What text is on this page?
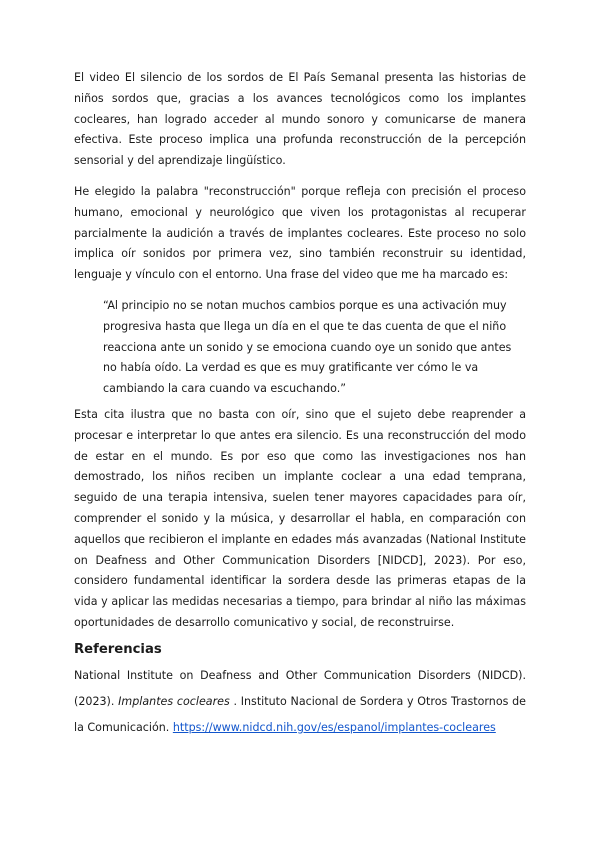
El video El silencio de los sordos de El País Semanal presenta las historias de niños sordos que, gracias a los avances tecnológicos como los implantes cocleares, han logrado acceder al mundo sonoro y comunicarse de manera efectiva. Este proceso implica una profunda reconstrucción de la percepción sensorial y del aprendizaje lingüístico.

He elegido la palabra "reconstrucción" porque refleja con precisión el proceso humano, emocional y neurológico que viven los protagonistas al recuperar parcialmente la audición a través de implantes cocleares. Este proceso no solo implica oír sonidos por primera vez, sino también reconstruir su identidad, lenguaje y vínculo con el entorno. Una frase del video que me ha marcado es:

“Al principio no se notan muchos cambios porque es una activación muy progresiva hasta que llega un día en el que te das cuenta de que el niño reacciona ante un sonido y se emociona cuando oye un sonido que antes no había oído. La verdad es que es muy gratificante ver cómo le va cambiando la cara cuando va escuchando.”

Esta cita ilustra que no basta con oír, sino que el sujeto debe reaprender a procesar e interpretar lo que antes era silencio. Es una reconstrucción del modo de estar en el mundo. Es por eso que como las investigaciones nos han demostrado, los niños reciben un implante coclear a una edad temprana, seguido de una terapia intensiva, suelen tener mayores capacidades para oír, comprender el sonido y la música, y desarrollar el habla, en comparación con aquellos que recibieron el implante en edades más avanzadas (National Institute on Deafness and Other Communication Disorders [NIDCD], 2023). Por eso, considero fundamental identificar la sordera desde las primeras etapas de la vida y aplicar las medidas necesarias a tiempo, para brindar al niño las máximas oportunidades de desarrollo comunicativo y social, de reconstruirse.

Referencias

National Institute on Deafness and Other Communication Disorders (NIDCD). (2023). Implantes cocleares . Instituto Nacional de Sordera y Otros Trastornos de la Comunicación. https://www.nidcd.nih.gov/es/espanol/implantes-cocleares
